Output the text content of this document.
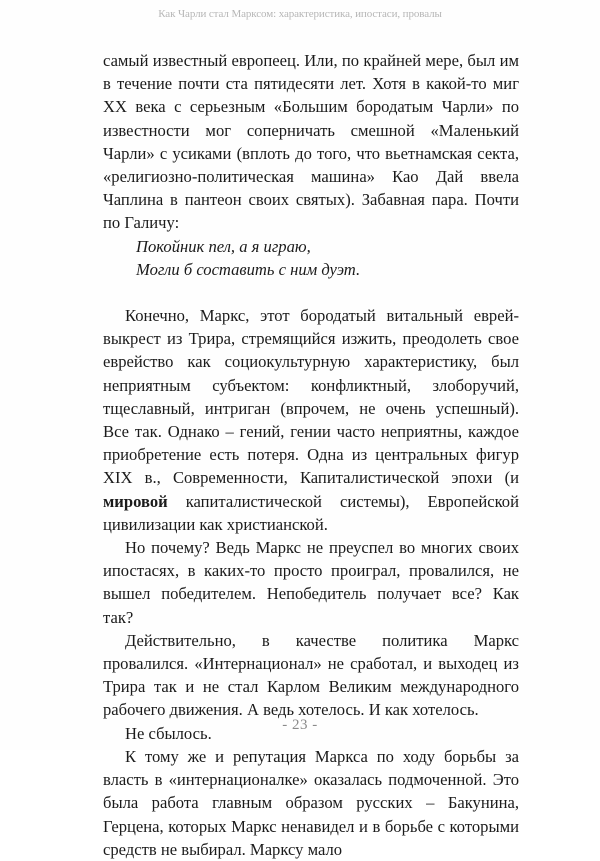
Как Чарли стал Марксом: характеристика, ипостаси, провалы

самый известный европеец. Или, по крайней мере, был им в течение почти ста пятидесяти лет. Хотя в какой-то миг XX века с серьезным «Большим бородатым Чарли» по известности мог соперничать смешной «Маленький Чарли» с усиками (вплоть до того, что вьетнамская секта, «религиозно-политическая машина» Као Дай ввела Чаплина в пантеон своих святых). Забавная пара. Почти по Галичу:

Покойник пел, а я играю,
Могли б составить с ним дуэт.

Конечно, Маркс, этот бородатый витальный еврей-выкрест из Трира, стремящийся изжить, преодолеть свое еврейство как социокультурную характеристику, был неприятным субъектом: конфликтный, злоборучий, тщеславный, интриган (впрочем, не очень успешный). Все так. Однако – гений, гении часто неприятны, каждое приобретение есть потеря. Одна из центральных фигур XIX в., Современности, Капиталистической эпохи (и мировой капиталистической системы), Европейской цивилизации как христианской.

Но почему? Ведь Маркс не преуспел во многих своих ипостасях, в каких-то просто проиграл, провалился, не вышел победителем. Непобедитель получает все? Как так?

Действительно, в качестве политика Маркс провалился. «Интернационал» не сработал, и выходец из Трира так и не стал Карлом Великим международного рабочего движения. А ведь хотелось. И как хотелось.

Не сбылось.

К тому же и репутация Маркса по ходу борьбы за власть в «интернационалке» оказалась подмоченной. Это была работа главным образом русских – Бакунина, Герцена, которых Маркс ненавидел и в борьбе с которыми средств не выбирал. Марксу мало

- 23 -
